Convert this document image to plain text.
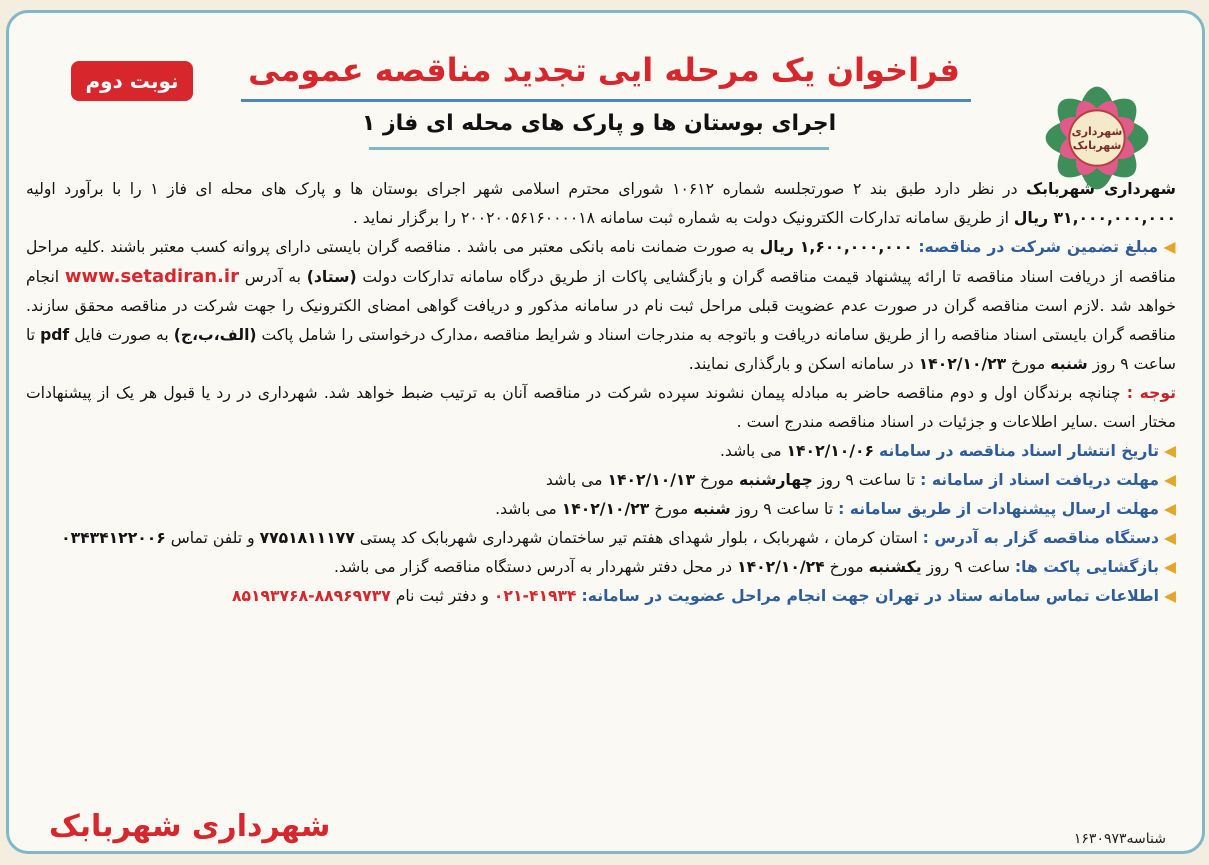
شهرداری شهربابک
نوبت دوم	فراخوان یک مرحله ایی تجدید مناقصه عمومی
اجرای بوستان ها و پارک های محله ای فاز ۱

شهرداری شهربابک در نظر دارد طبق بند ۲ صورتجلسه شماره ۱۰۶۱۲ شورای محترم اسلامی شهر اجرای بوستان ها و پارک های محله ای فاز ۱ را با برآورد اولیه ۳۱,۰۰۰,۰۰۰,۰۰۰ ریال از طریق سامانه تدارکات الکترونیک دولت به شماره ثبت سامانه ۲۰۰۲۰۰۵۶۱۶۰۰۰۰۱۸ را برگزار نماید .

◀ مبلغ تضمین شرکت در مناقصه: ۱,۶۰۰,۰۰۰,۰۰۰ ریال به صورت ضمانت نامه بانکی معتبر می باشد . مناقصه گران بایستی دارای پروانه کسب معتبر باشند .کلیه مراحل مناقصه از دریافت اسناد مناقصه تا ارائه پیشنهاد قیمت مناقصه گران و بازگشایی پاکات از طریق درگاه سامانه تدارکات دولت (ستاد) به آدرس www.setadiran.ir انجام خواهد شد .لازم است مناقصه گران در صورت عدم عضویت قبلی مراحل ثبت نام در سامانه مذکور و دریافت گواهی امضای الکترونیک را جهت شرکت در مناقصه محقق سازند. مناقصه گران بایستی اسناد مناقصه را از طریق سامانه دریافت و باتوجه به مندرجات اسناد و شرایط مناقصه ،مدارک درخواستی را شامل پاکت (الف،ب،ج) به صورت فایل pdf تا ساعت ۹ روز شنبه مورخ ۱۴۰۲/۱۰/۲۳ در سامانه اسکن و بارگذاری نمایند.

توجه : چنانچه برندگان اول و دوم مناقصه حاضر به مبادله پیمان نشوند سپرده شرکت در مناقصه آنان به ترتیب ضبط خواهد شد. شهرداری در رد یا قبول هر یک از پیشنهادات مختار است .سایر اطلاعات و جزئیات در اسناد مناقصه مندرج است .

◀ تاریخ انتشار اسناد مناقصه در سامانه ۱۴۰۲/۱۰/۰۶ می باشد.

◀ مهلت دریافت اسناد از سامانه : تا ساعت ۹ روز چهارشنبه مورخ ۱۴۰۲/۱۰/۱۳ می باشد

◀ مهلت ارسال پیشنهادات از طریق سامانه : تا ساعت ۹ روز شنبه مورخ ۱۴۰۲/۱۰/۲۳ می باشد.

◀ دستگاه مناقصه گزار به آدرس : استان کرمان ، شهربابک ، بلوار شهدای هفتم تیر ساختمان شهرداری شهربابک کد پستی ۷۷۵۱۸۱۱۱۷۷ و تلفن تماس ۰۳۴۳۴۱۲۲۰۰۶

◀ بازگشایی پاکت ها: ساعت ۹ روز یکشنبه مورخ ۱۴۰۲/۱۰/۲۴ در محل دفتر شهردار به آدرس دستگاه مناقصه گزار می باشد.

◀ اطلاعات تماس سامانه ستاد در تهران جهت انجام مراحل عضویت در سامانه: ۴۱۹۳۴-۰۲۱ و دفتر ثبت نام ۸۸۹۶۹۷۳۷-۸۵۱۹۳۷۶۸

شهرداری شهربابک	شناسه۱۶۳۰۹۷۳
